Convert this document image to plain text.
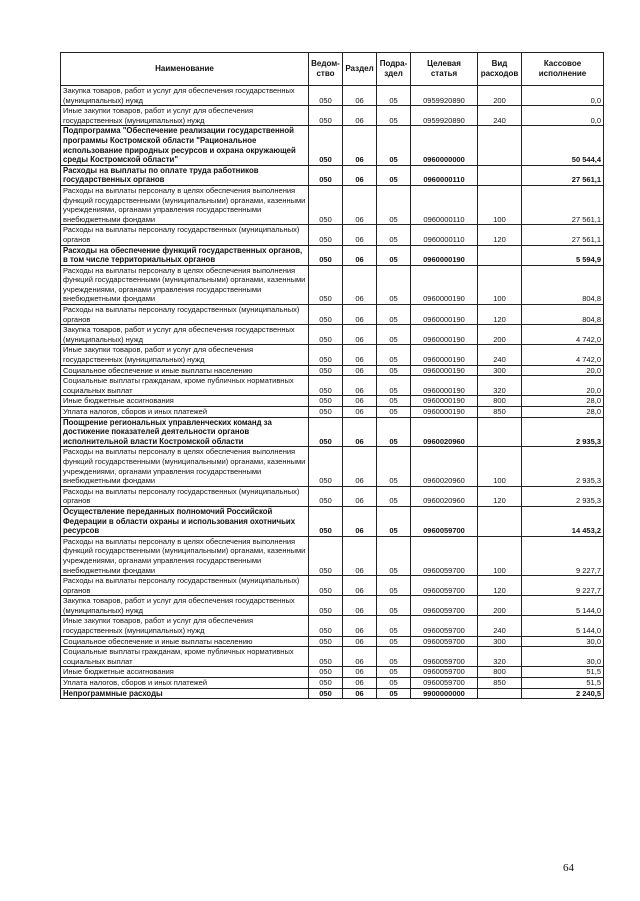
Наименование	Ведом-ство	Раздел	Подра-здел	Целевая статья	Вид расходов	Кассовое исполнение
Закупка товаров, работ и услуг для обеспечения государственных (муниципальных) нужд	050	06	05	0959920890	200	0,0
Иные закупки товаров, работ и услуг для обеспечения государственных (муниципальных) нужд	050	06	05	0959920890	240	0,0
Подпрограмма "Обеспечение реализации государственной программы Костромской области "Рациональное использование природных ресурсов и охрана окружающей среды Костромской области"	050	06	05	0960000000		50 544,4
Расходы на выплаты по оплате труда работников государственных органов	050	06	05	0960000110		27 561,1
Расходы на выплаты персоналу в целях обеспечения выполнения функций государственными (муниципальными) органами, казенными учреждениями, органами управления государственными внебюджетными фондами	050	06	05	0960000110	100	27 561,1
Расходы на выплаты персоналу государственных (муниципальных) органов	050	06	05	0960000110	120	27 561,1
Расходы на обеспечение функций государственных органов, в том числе территориальных органов	050	06	05	0960000190		5 594,9
Расходы на выплаты персоналу в целях обеспечения выполнения функций государственными (муниципальными) органами, казенными учреждениями, органами управления государственными внебюджетными фондами	050	06	05	0960000190	100	804,8
Расходы на выплаты персоналу государственных (муниципальных) органов	050	06	05	0960000190	120	804,8
Закупка товаров, работ и услуг для обеспечения государственных (муниципальных) нужд	050	06	05	0960000190	200	4 742,0
Иные закупки товаров, работ и услуг для обеспечения государственных (муниципальных) нужд	050	06	05	0960000190	240	4 742,0
Социальное обеспечение и иные выплаты населению	050	06	05	0960000190	300	20,0
Социальные выплаты гражданам, кроме публичных нормативных социальных выплат	050	06	05	0960000190	320	20,0
Иные бюджетные ассигнования	050	06	05	0960000190	800	28,0
Уплата налогов, сборов и иных платежей	050	06	05	0960000190	850	28,0
Поощрение региональных управленческих команд за достижение показателей деятельности органов исполнительной власти Костромской области	050	06	05	0960020960		2 935,3
Расходы на выплаты персоналу в целях обеспечения выполнения функций государственными (муниципальными) органами, казенными учреждениями, органами управления государственными внебюджетными фондами	050	06	05	0960020960	100	2 935,3
Расходы на выплаты персоналу государственных (муниципальных) органов	050	06	05	0960020960	120	2 935,3
Осуществление переданных полномочий Российской Федерации в области охраны и использования охотничьих ресурсов	050	06	05	0960059700		14 453,2
Расходы на выплаты персоналу в целях обеспечения выполнения функций государственными (муниципальными) органами, казенными учреждениями, органами управления государственными внебюджетными фондами	050	06	05	0960059700	100	9 227,7
Расходы на выплаты персоналу государственных (муниципальных) органов	050	06	05	0960059700	120	9 227,7
Закупка товаров, работ и услуг для обеспечения государственных (муниципальных) нужд	050	06	05	0960059700	200	5 144,0
Иные закупки товаров, работ и услуг для обеспечения государственных (муниципальных) нужд	050	06	05	0960059700	240	5 144,0
Социальное обеспечение и иные выплаты населению	050	06	05	0960059700	300	30,0
Социальные выплаты гражданам, кроме публичных нормативных социальных выплат	050	06	05	0960059700	320	30,0
Иные бюджетные ассигнования	050	06	05	0960059700	800	51,5
Уплата налогов, сборов и иных платежей	050	06	05	0960059700	850	51,5
Непрограммные расходы	050	06	05	9900000000		2 240,5
64
